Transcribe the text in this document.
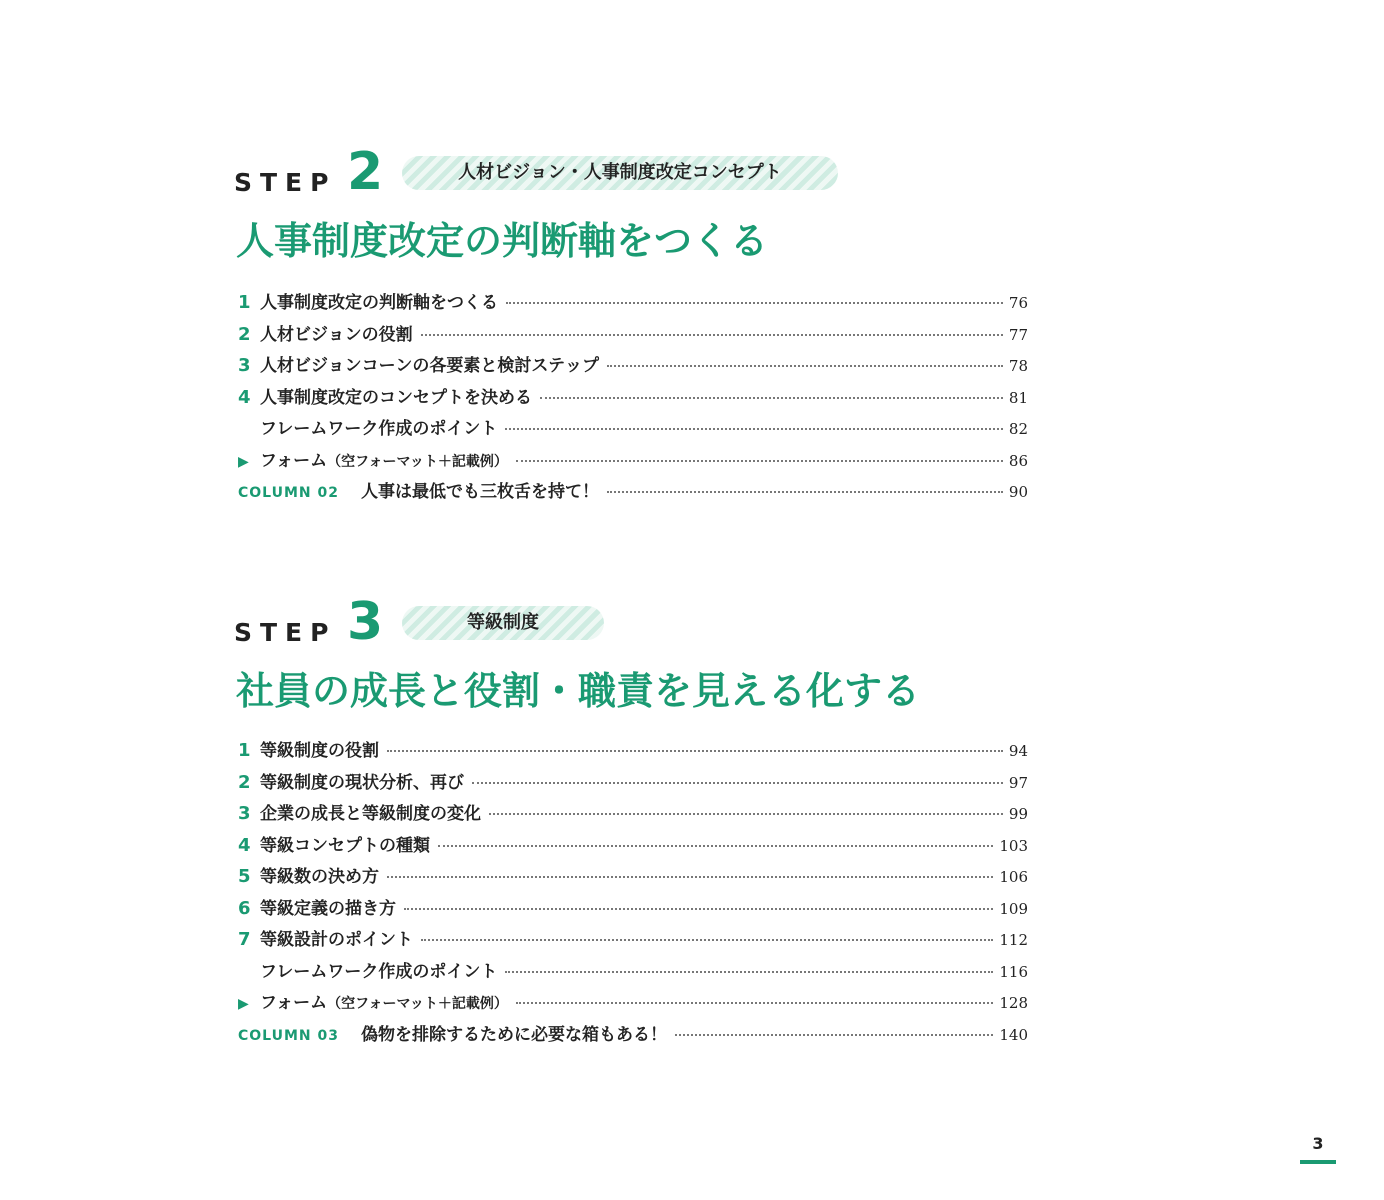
STEP 2	人材ビジョン・人事制度改定コンセプト
人事制度改定の判断軸をつくる
1 人事制度改定の判断軸をつくる	76
2 人材ビジョンの役割	77
3 人材ビジョンコーンの各要素と検討ステップ	78
4 人事制度改定のコンセプトを決める	81
フレームワーク作成のポイント	82
▶ フォーム（空フォーマット＋記載例）	86
COLUMN 02 人事は最低でも三枚舌を持て！	90
STEP 3	等級制度
社員の成長と役割・職責を見える化する
1 等級制度の役割	94
2 等級制度の現状分析、再び	97
3 企業の成長と等級制度の変化	99
4 等級コンセプトの種類	103
5 等級数の決め方	106
6 等級定義の描き方	109
7 等級設計のポイント	112
フレームワーク作成のポイント	116
▶ フォーム（空フォーマット＋記載例）	128
COLUMN 03 偽物を排除するために必要な箱もある！	140
3
